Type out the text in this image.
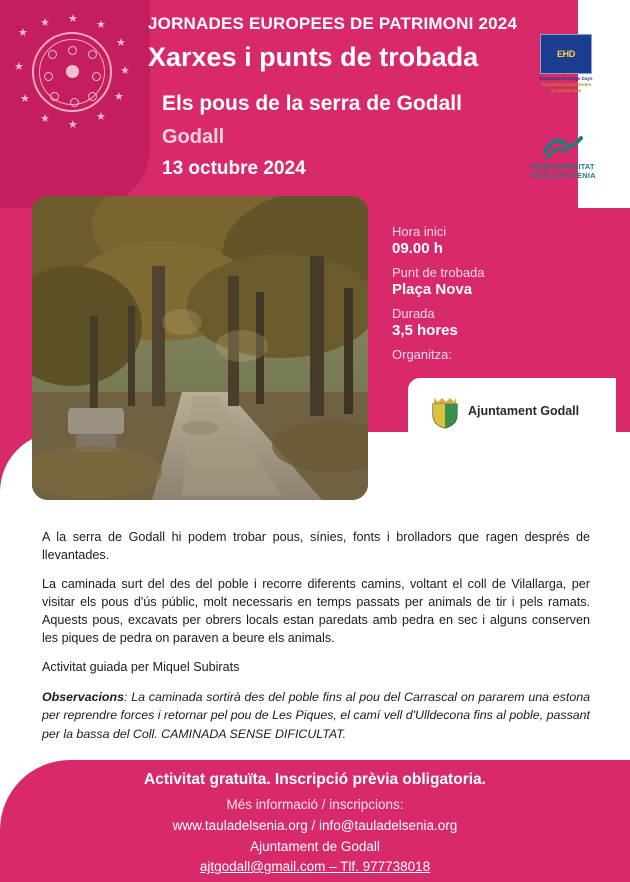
★
★ ★ ★
★
★
★
★
★
★
★
★
JORNADES EUROPEES DE PATRIMONI 2024
Xarxes i punts de trobada
Els pous de la serra de Godall
Godall
13 octubre 2024
EHD
European Heritage Days
Journées européennes
du patrimoine
MANCOMUNITAT
TAULA del SÈNIA
Hora inici
09.00 h
Punt de trobada
Plaça Nova
Durada
3,5 hores
Organitza:
Ajuntament Godall

A la serra de Godall hi podem trobar pous, sínies, fonts i brolladors que ragen després de llevantades.

La caminada surt del des del poble i recorre diferents camins, voltant el coll de Vilallarga, per visitar els pous d'ús públic, molt necessaris en temps passats per animals de tir i pels ramats. Aquests pous, excavats per obrers locals estan paredats amb pedra en sec i alguns conserven les piques de pedra on paraven a beure els animals.

Activitat guiada per Miquel Subirats

Observacions: La caminada sortirà des del poble fins al pou del Carrascal on pararem una estona per reprendre forces i retornar pel pou de Les Piques, el camí vell d'Ulldecona fins al poble, passant per la bassa del Coll. CAMINADA SENSE DIFICULTAT.
Activitat gratuïta. Inscripció prèvia obligatoria.
Més informació / inscripcions:
www.tauladelsenia.org / info@tauladelsenia.org
Ajuntament de Godall
ajtgodall@gmail.com – Tlf. 977738018
